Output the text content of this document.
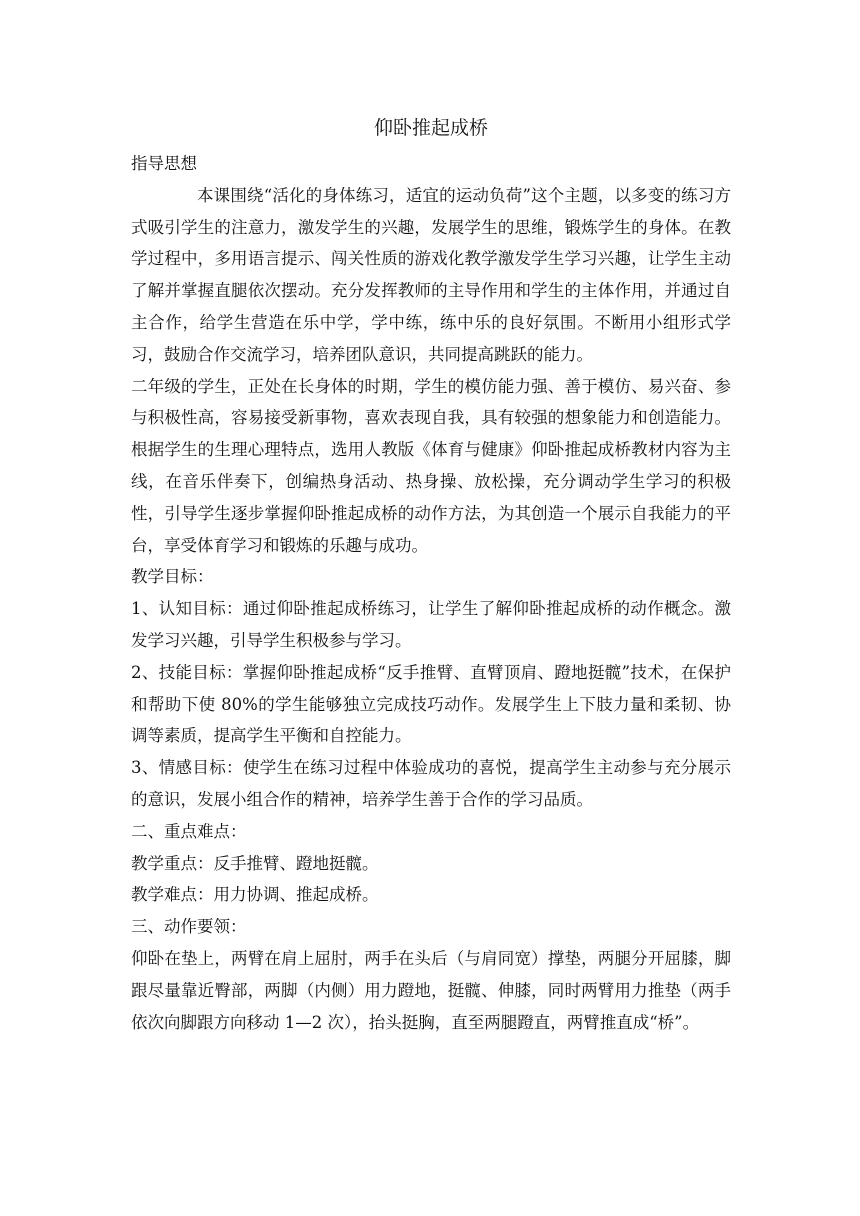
仰卧推起成桥

指导思想

本课围绕“活化的身体练习，适宜的运动负荷”这个主题，以多变的练习方式吸引学生的注意力，激发学生的兴趣，发展学生的思维，锻炼学生的身体。在教学过程中，多用语言提示、闯关性质的游戏化教学激发学生学习兴趣，让学生主动了解并掌握直腿依次摆动。充分发挥教师的主导作用和学生的主体作用，并通过自主合作，给学生营造在乐中学，学中练，练中乐的良好氛围。不断用小组形式学习，鼓励合作交流学习，培养团队意识，共同提高跳跃的能力。

二年级的学生，正处在长身体的时期，学生的模仿能力强、善于模仿、易兴奋、参与积极性高，容易接受新事物，喜欢表现自我，具有较强的想象能力和创造能力。根据学生的生理心理特点，选用人教版《体育与健康》仰卧推起成桥教材内容为主线，在音乐伴奏下，创编热身活动、热身操、放松操，充分调动学生学习的积极性，引导学生逐步掌握仰卧推起成桥的动作方法，为其创造一个展示自我能力的平台，享受体育学习和锻炼的乐趣与成功。

教学目标：

1、认知目标：通过仰卧推起成桥练习，让学生了解仰卧推起成桥的动作概念。激发学习兴趣，引导学生积极参与学习。

2、技能目标：掌握仰卧推起成桥“反手推臂、直臂顶肩、蹬地挺髋”技术，在保护和帮助下使 80%的学生能够独立完成技巧动作。发展学生上下肢力量和柔韧、协调等素质，提高学生平衡和自控能力。

3、情感目标：使学生在练习过程中体验成功的喜悦，提高学生主动参与充分展示的意识，发展小组合作的精神，培养学生善于合作的学习品质。

二、重点难点：

教学重点：反手推臂、蹬地挺髋。

教学难点：用力协调、推起成桥。

三、动作要领：

仰卧在垫上，两臂在肩上屈肘，两手在头后（与肩同宽）撑垫，两腿分开屈膝，脚跟尽量靠近臀部，两脚（内侧）用力蹬地，挺髋、伸膝，同时两臂用力推垫（两手依次向脚跟方向移动 1—2 次），抬头挺胸，直至两腿蹬直，两臂推直成“桥”。
